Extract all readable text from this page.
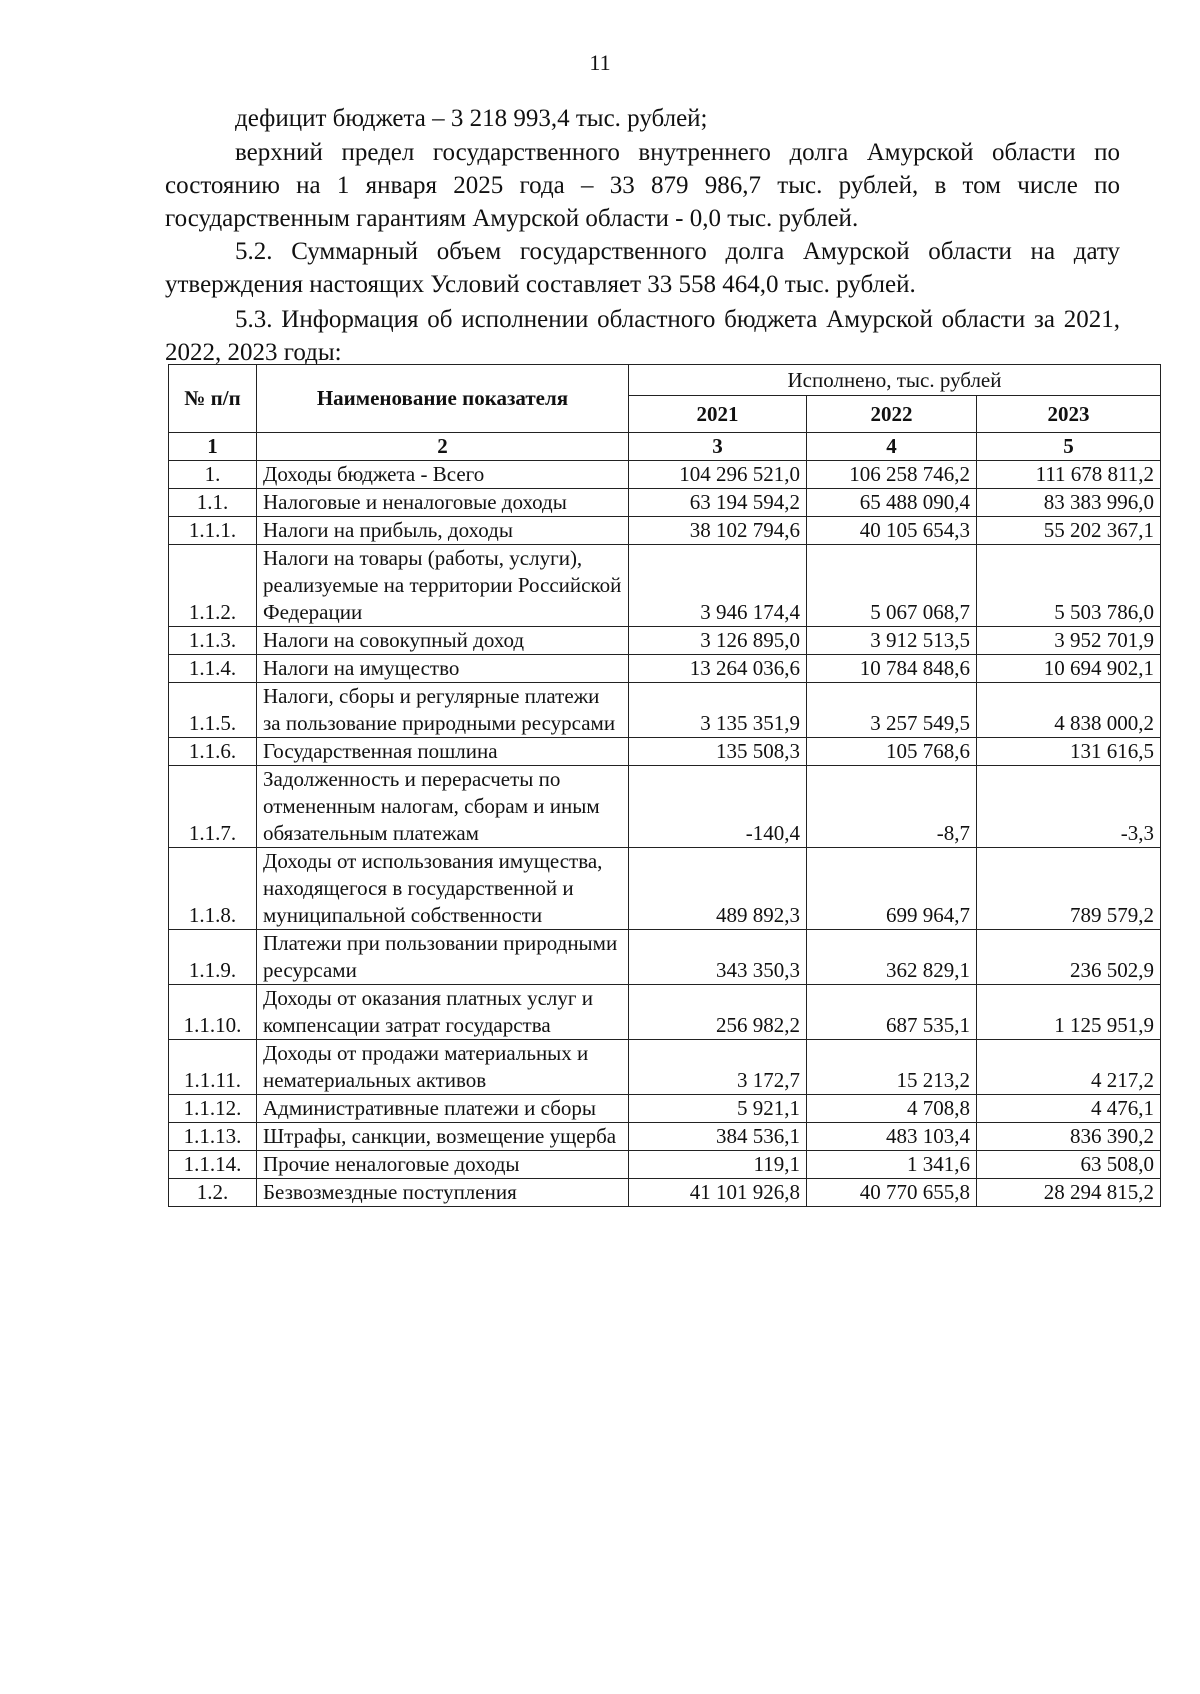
11
дефицит бюджета – 3 218 993,4 тыс. рублей;
верхний предел государственного внутреннего долга Амурской области по состоянию на 1 января 2025 года – 33 879 986,7 тыс. рублей, в том числе по государственным гарантиям Амурской области - 0,0 тыс. рублей.
5.2. Суммарный объем государственного долга Амурской области на дату утверждения настоящих Условий составляет 33 558 464,0 тыс. рублей.
5.3. Информация об исполнении областного бюджета Амурской области за 2021, 2022, 2023 годы:
№ п/п	Наименование показателя	Исполнено, тыс. рублей		
		2021	2022	2023
1	2	3	4	5
1.	Доходы бюджета - Всего	104 296 521,0	106 258 746,2	111 678 811,2
1.1.	Налоговые и неналоговые доходы	63 194 594,2	65 488 090,4	83 383 996,0
1.1.1.	Налоги на прибыль, доходы	38 102 794,6	40 105 654,3	55 202 367,1
1.1.2.	Налоги на товары (работы, услуги), реализуемые на территории Российской Федерации	3 946 174,4	5 067 068,7	5 503 786,0
1.1.3.	Налоги на совокупный доход	3 126 895,0	3 912 513,5	3 952 701,9
1.1.4.	Налоги на имущество	13 264 036,6	10 784 848,6	10 694 902,1
1.1.5.	Налоги, сборы и регулярные платежи за пользование природными ресурсами	3 135 351,9	3 257 549,5	4 838 000,2
1.1.6.	Государственная пошлина	135 508,3	105 768,6	131 616,5
1.1.7.	Задолженность и перерасчеты по отмененным налогам, сборам и иным обязательным платежам	-140,4	-8,7	-3,3
1.1.8.	Доходы от использования имущества, находящегося в государственной и муниципальной собственности	489 892,3	699 964,7	789 579,2
1.1.9.	Платежи при пользовании природными ресурсами	343 350,3	362 829,1	236 502,9
1.1.10.	Доходы от оказания платных услуг и компенсации затрат государства	256 982,2	687 535,1	1 125 951,9
1.1.11.	Доходы от продажи материальных и нематериальных активов	3 172,7	15 213,2	4 217,2
1.1.12.	Административные платежи и сборы	5 921,1	4 708,8	4 476,1
1.1.13.	Штрафы, санкции, возмещение ущерба	384 536,1	483 103,4	836 390,2
1.1.14.	Прочие неналоговые доходы	119,1	1 341,6	63 508,0
1.2.	Безвозмездные поступления	41 101 926,8	40 770 655,8	28 294 815,2
